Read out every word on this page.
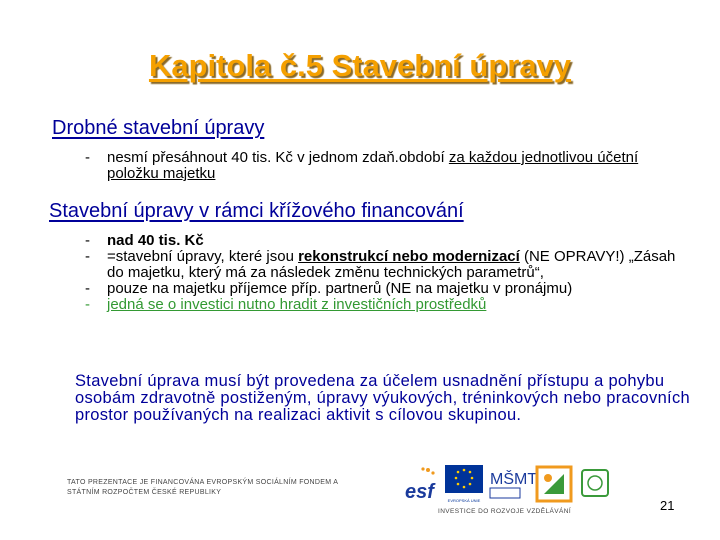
Kapitola č.5 Stavební úpravy
Drobné stavební úpravy
- nesmí přesáhnout 40 tis. Kč v jednom zdaň.období za každou jednotlivou účetní položku majetku
Stavební úpravy v rámci křížového financování
- nad 40 tis. Kč
- =stavební úpravy, které jsou rekonstrukcí nebo modernizací (NE OPRAVY!) „Zásah do majetku, který má za následek změnu technických parametrů“,
- pouze na majetku příjemce příp. partnerů (NE na majetku v pronájmu)
- jedná se o investici nutno hradit z investičních prostředků
Stavební úprava musí být provedena za účelem usnadnění přístupu a pohybu osobám zdravotně postiženým, úpravy výukových, tréninkových nebo pracovních prostor používaných na realizaci aktivit s cílovou skupinou.
TATO PREZENTACE JE FINANCOVÁNA EVROPSKÝM SOCIÁLNÍM FONDEM A STÁTNÍM ROZPOČTEM ČESKÉ REPUBLIKY	esf	EVROPSKÁ UNIE
MŠMT
INVESTICE DO ROZVOJE VZDĚLÁVÁNÍ	21
